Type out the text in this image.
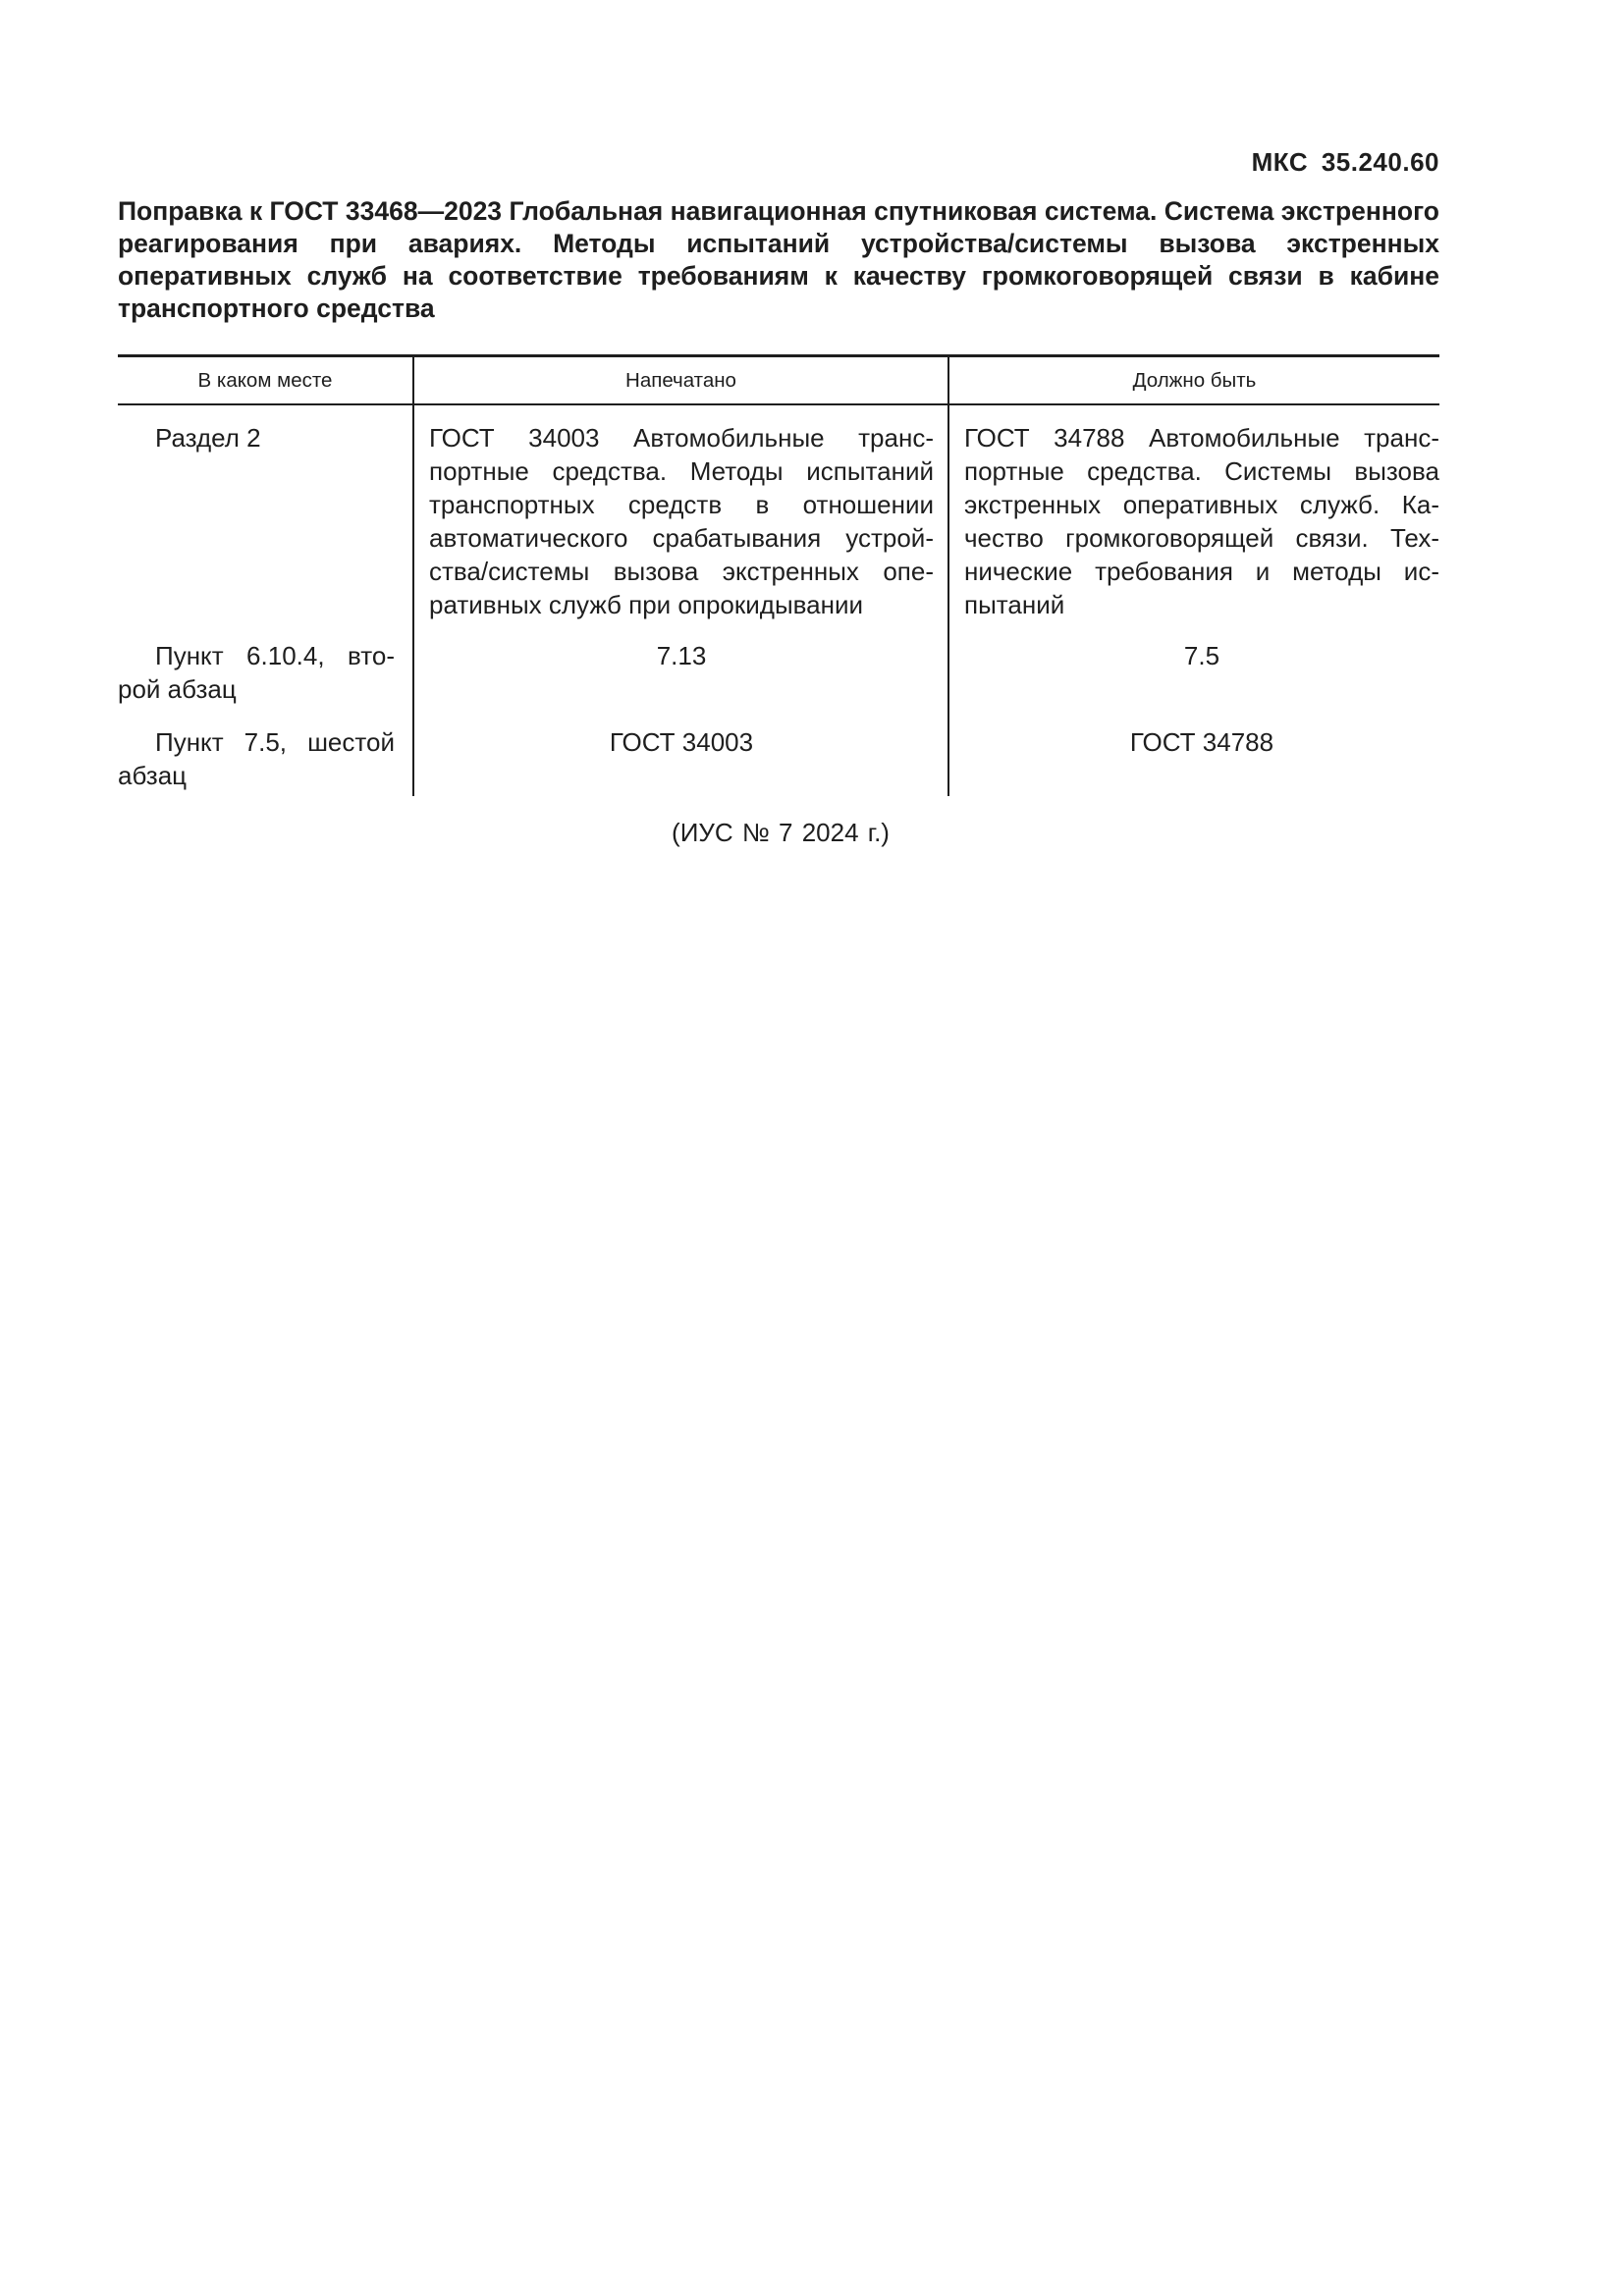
МКС 35.240.60
Поправка к ГОСТ 33468—2023 Глобальная навигационная спутниковая система. Система экстренного реагирования при авариях. Методы испытаний устройства/системы вызова экстренных оперативных служб на соответствие требованиям к качеству громкоговорящей связи в кабине транспортного средства
В каком месте	Напечатано	Должно быть

Раздел 2	ГОСТ 34003 Автомобильные транспортные средства. Методы испытаний транспортных средств в отношении автоматического срабатывания устройства/системы вызова экстренных оперативных служб при опрокидывании	ГОСТ 34788 Автомобильные транспортные средства. Системы вызова экстренных оперативных служб. Качество громкоговорящей связи. Технические требования и методы испытаний

Пункт 6.10.4, второй абзац	7.13	7.5

Пункт 7.5, шестой абзац	ГОСТ 34003	ГОСТ 34788
(ИУС № 7 2024 г.)
